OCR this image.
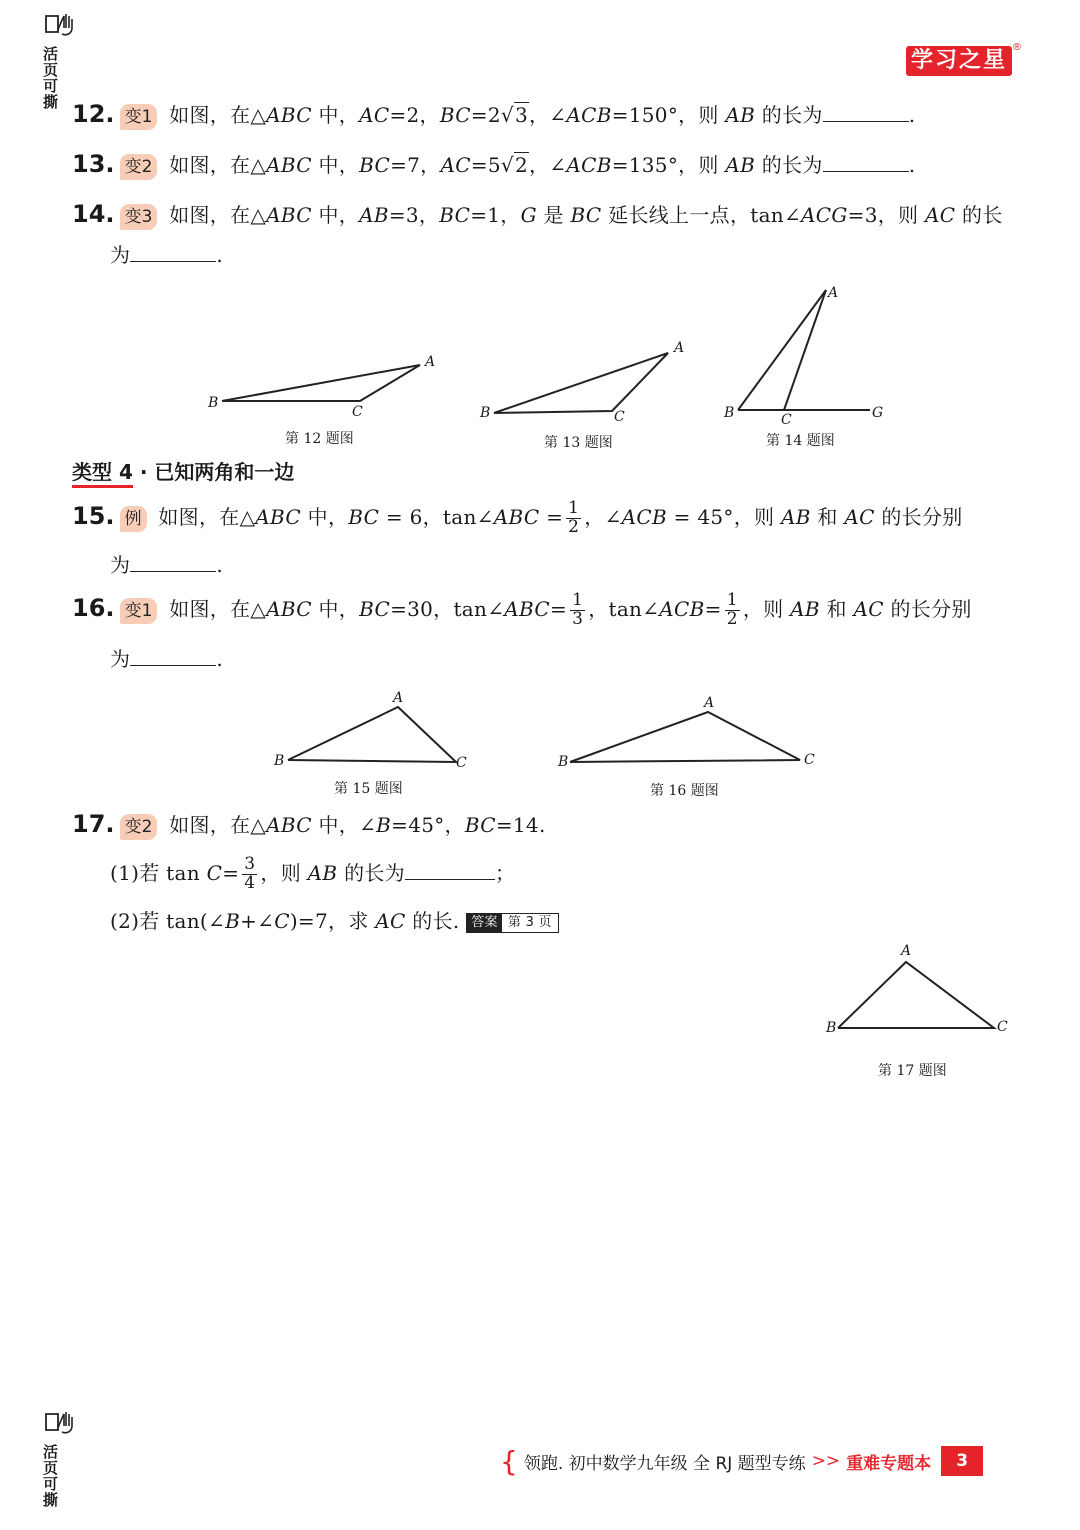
活页可撕	学习之星
®
12. 变1 如图，在△ABC 中，AC=2，BC=2√3，∠ACB=150°，则 AB 的长为	.
13. 变2 如图，在△ABC 中，BC=7，AC=5√2，∠ACB=135°，则 AB 的长为	.
14. 变3 如图，在△ABC 中，AB=3，BC=1，G 是 BC 延长线上一点，tan∠ACG=3，则 AC 的长
为	.
B
A
C
第 12 题图
B
A
C
第 13 题图
B
A
C	G
第 14 题图
类型 4 · 已知两角和一边
15. 例 如图，在△ABC 中，BC = 6，tan∠ABC = $\frac{1}{2}$ ，∠ACB = 45°，则 AB 和 AC 的长分别
为	.
16. 变1 如图，在△ABC 中，BC=30，tan∠ABC= $\frac{1}{3}$ ，tan∠ACB= $\frac{1}{2}$ ，则 AB 和 AC 的长分别
为	.
B
A
C
第 15 题图
B
A
C
第 16 题图
17. 变2 如图，在△ABC 中，∠B=45°，BC=14.
(1)若 $\tan C= \frac{3}{4}$ ，则 AB 的长为	；
(2)若 tan(∠B+∠C)=7，求 AC 的长. 答案 第 3 页
B
A
C
第 17 题图
活页可撕	{ 领跑. 初中数学九年级 全 RJ 题型专练 >> 重难专题本	3
